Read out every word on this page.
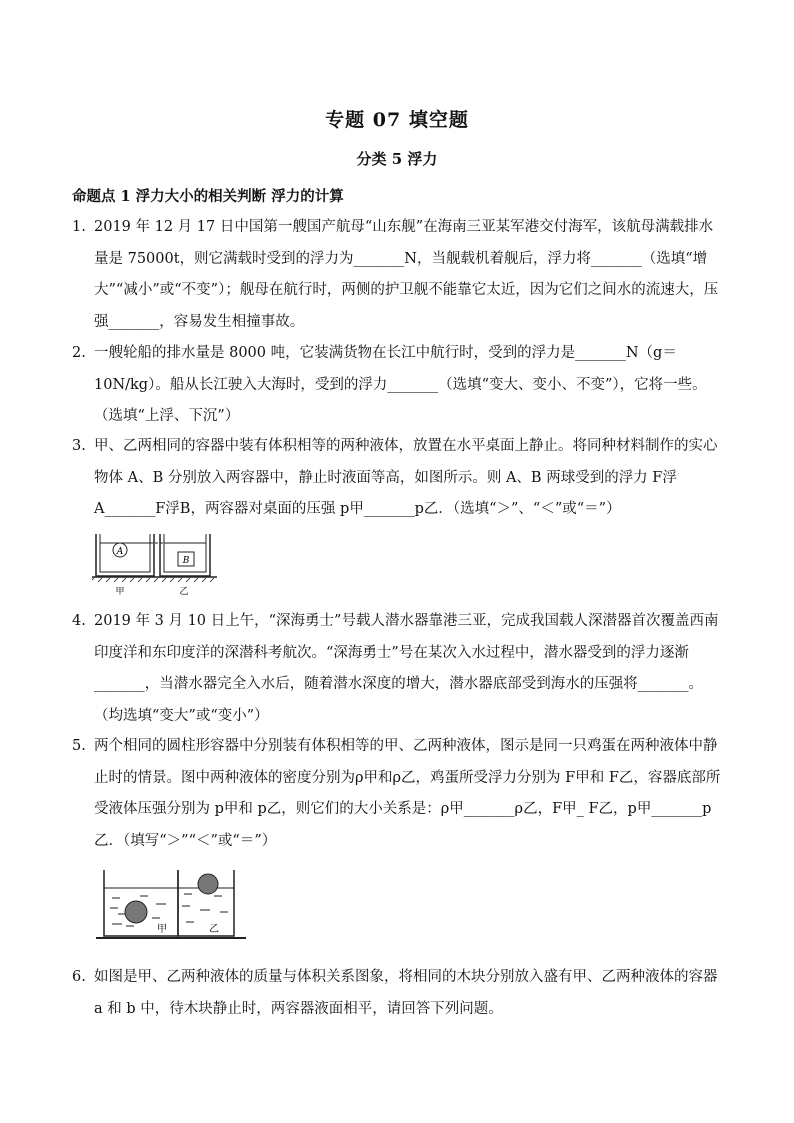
专题 07 填空题
分类 5 浮力
命题点 1 浮力大小的相关判断 浮力的计算
1. 2019 年 12 月 17 日中国第一艘国产航母“山东舰”在海南三亚某军港交付海军，该航母满载排水量是 75000t，则它满载时受到的浮力为_______N，当舰载机着舰后，浮力将_______（选填“增大”“减小”或“不变”）；舰母在航行时，两侧的护卫舰不能靠它太近，因为它们之间水的流速大，压强_______，容易发生相撞事故。
2. 一艘轮船的排水量是 8000 吨，它装满货物在长江中航行时，受到的浮力是_______N（g＝10N/kg）。船从长江驶入大海时，受到的浮力_______（选填“变大、变小、不变”），它将一些。（选填“上浮、下沉”）
3. 甲、乙两相同的容器中装有体积相等的两种液体，放置在水平桌面上静止。将同种材料制作的实心物体 A、B 分别放入两容器中，静止时液面等高，如图所示。则 A、B 两球受到的浮力 F浮A_______F浮B，两容器对桌面的压强 p甲_______p乙．（选填“＞”、“＜”或“＝”）
A
B
甲	乙
4. 2019 年 3 月 10 日上午，“深海勇士”号载人潜水器靠港三亚，完成我国载人深潜器首次覆盖西南印度洋和东印度洋的深潜科考航次。“深海勇士”号在某次入水过程中，潜水器受到的浮力逐渐_______，当潜水器完全入水后，随着潜水深度的增大，潜水器底部受到海水的压强将_______。（均选填“变大”或“变小”）
5. 两个相同的圆柱形容器中分别装有体积相等的甲、乙两种液体，图示是同一只鸡蛋在两种液体中静止时的情景。图中两种液体的密度分别为ρ甲和ρ乙，鸡蛋所受浮力分别为 F甲和 F乙，容器底部所受液体压强分别为 p甲和 p乙，则它们的大小关系是：ρ甲_______ρ乙，F甲_ F乙，p甲_______p乙．（填写“＞”“＜”或“＝”）
甲	乙
6. 如图是甲、乙两种液体的质量与体积关系图象，将相同的木块分别放入盛有甲、乙两种液体的容器 a 和 b 中，待木块静止时，两容器液面相平，请回答下列问题。
